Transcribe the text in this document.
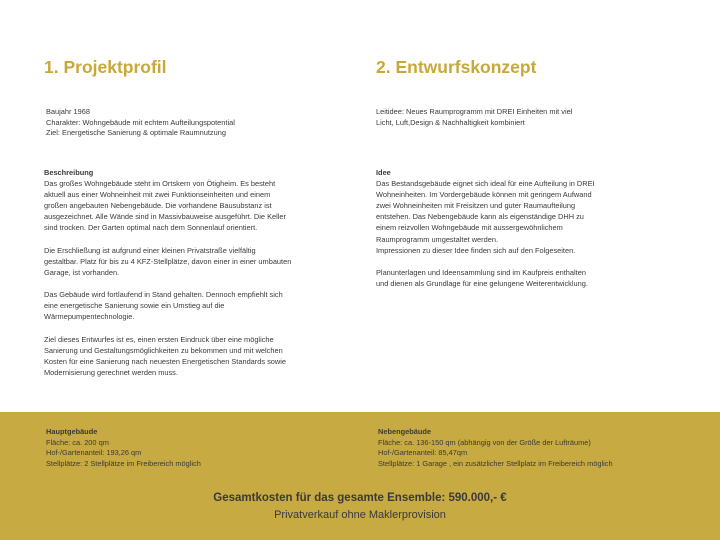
1. Projektprofil
Baujahr 1968
Charakter: Wohngebäude mit echtem Aufteilungspotential
Ziel: Energetische Sanierung & optimale Raumnutzung
Beschreibung

Das großes Wohngebäude steht im Ortskern von Ötigheim. Es besteht
aktuell aus einer Wohneinheit mit zwei Funktionseinheiten und einem
großen angebauten Nebengebäude. Die vorhandene Bausubstanz ist
ausgezeichnet. Alle Wände sind in Massivbauweise ausgeführt. Die Keller
sind trocken. Der Garten optimal nach dem Sonnenlauf orientiert.

Die Erschließung ist aufgrund einer kleinen Privatstraße vielfältig
gestaltbar. Platz für bis zu 4 KFZ-Stellplätze, davon einer in einer umbauten
Garage, ist vorhanden.

Das Gebäude wird fortlaufend in Stand gehalten. Dennoch empfiehlt sich
eine energetische Sanierung sowie ein Umstieg auf die
Wärmepumpentechnologie.

Ziel dieses Entwurfes ist es, einen ersten Eindruck über eine mögliche
Sanierung und Gestaltungsmöglichkeiten zu bekommen und mit welchen
Kosten für eine Sanierung nach neuesten Energetischen Standards sowie
Modernisierung gerechnet werden muss.

2. Entwurfskonzept
Leitidee: Neues Raumprogramm mit DREI Einheiten mit viel
Licht, Luft,Design & Nachhaltigkeit kombiniert
Idee

Das Bestandsgebäude eignet sich ideal für eine Aufteilung in DREI
Wohneinheiten. Im Vordergebäude können mit geringem Aufwand
zwei Wohneinheiten mit Freisitzen und guter Raumaufteilung
entstehen. Das Nebengebäude kann als eigenständige DHH zu
einem reizvollen Wohngebäude mit aussergewöhnlichem
Raumprogramm umgestaltet werden.
Impressionen zu dieser Idee finden sich auf den Folgeseiten.

Planunterlagen und Ideensammlung sind im Kaufpreis enthalten
und dienen als Grundlage für eine gelungene Weiterentwicklung.

Hauptgebäude
Fläche: ca. 200 qm
Hof-/Gartenanteil: 193,26 qm
Stellplätze: 2 Stellplätze im Freibereich möglich
Nebengebäude
Fläche: ca. 136-150 qm (abhängig von der Größe der Lufträume)
Hof-/Gartenanteil: 85,47qm
Stellplätze: 1 Garage , ein zusätzlicher Stellplatz im Freibereich möglich

Gesamtkosten für das gesamte Ensemble: 590.000,- €

Privatverkauf ohne Maklerprovision
